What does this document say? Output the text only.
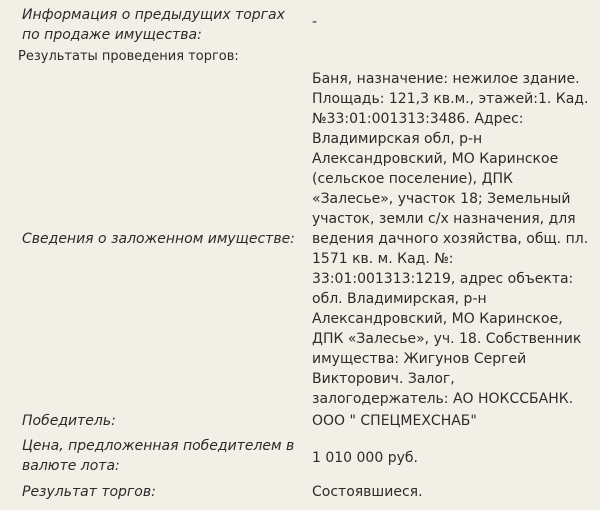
Информация о предыдущих торгах по продаже имущества:
-
Результаты проведения торгов:
Сведения о заложенном имуществе:
Баня, назначение: нежилое здание. Площадь: 121,3 кв.м., этажей:1. Кад. №33:01:001313:3486. Адрес: Владимирская обл, р-н Александровский, МО Каринское (сельское поселение), ДПК «Залесье», участок 18; Земельный участок, земли с/х назначения, для ведения дачного хозяйства, общ. пл. 1571 кв. м. Кад. №: 33:01:001313:1219, адрес объекта: обл. Владимирская, р-н Александровский, МО Каринское, ДПК «Залесье», уч. 18. Собственник имущества: Жигунов Сергей Викторович. Залог, залогодержатель: АО НОКССБАНК.
Победитель:	ООО " СПЕЦМЕХСНАБ"
Цена, предложенная победителем в валюте лота:	1 010 000 руб.
Результат торгов:	Состоявшиеся.
